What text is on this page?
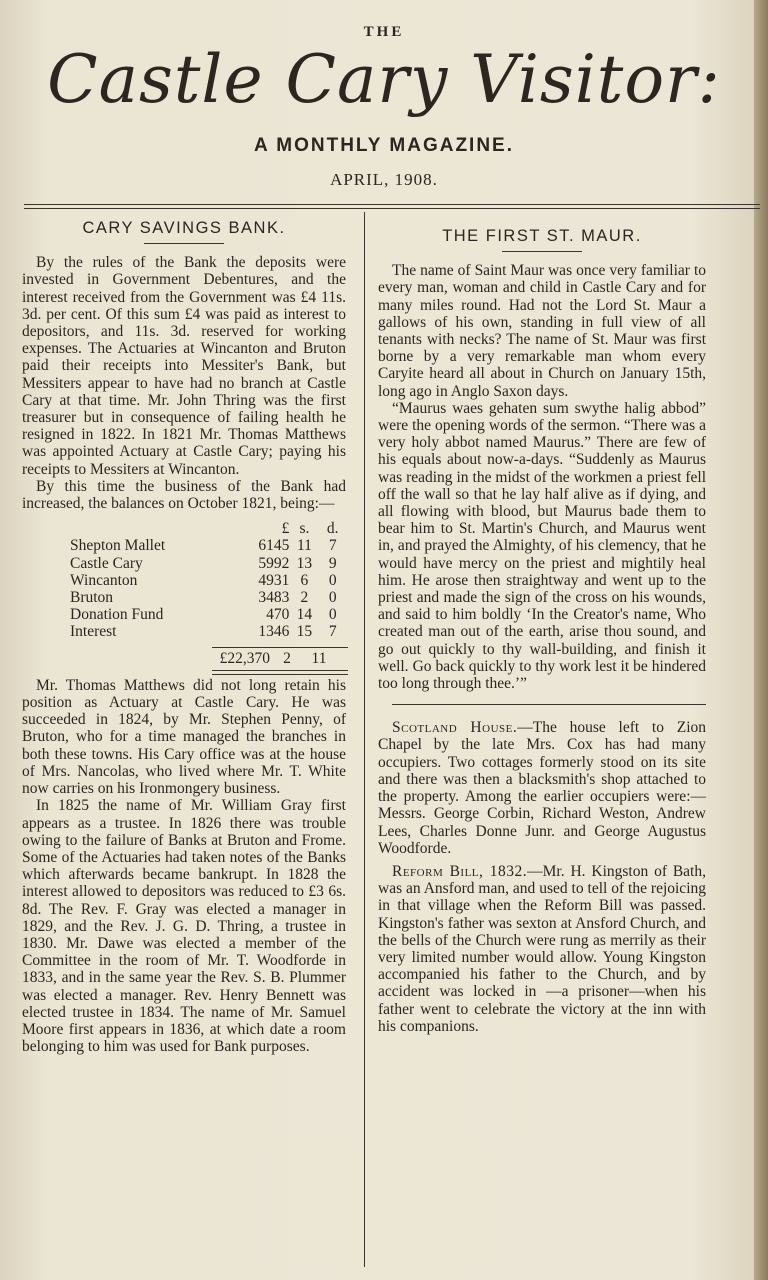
THE
Castle Cary Visitor:
A MONTHLY MAGAZINE.
APRIL, 1908.
CARY SAVINGS BANK.

By the rules of the Bank the deposits were invested in Government Debentures, and the interest received from the Government was £4 11s. 3d. per cent. Of this sum £4 was paid as interest to depositors, and 11s. 3d. reserved for working expenses. The Actuaries at Wincanton and Bruton paid their receipts into Messiter's Bank, but Messiters appear to have had no branch at Castle Cary at that time. Mr. John Thring was the first treasurer but in consequence of failing health he resigned in 1822. In 1821 Mr. Thomas Matthews was appointed Actuary at Castle Cary; paying his receipts to Messiters at Wincanton.

By this time the business of the Bank had increased, the balances on October 1821, being:—

£ s.	d.
Shepton Mallet	6145 11	7
Castle Cary	5992 13	9
Wincanton	4931 6	0
Bruton	3483 2	0
Donation Fund	470 14	0
Interest	1346 15	7
£22,370 2	11

Mr. Thomas Matthews did not long retain his position as Actuary at Castle Cary. He was succeeded in 1824, by Mr. Stephen Penny, of Bruton, who for a time managed the branches in both these towns. His Cary office was at the house of Mrs. Nancolas, who lived where Mr. T. White now carries on his Ironmongery business.

In 1825 the name of Mr. William Gray first appears as a trustee. In 1826 there was trouble owing to the failure of Banks at Bruton and Frome. Some of the Actuaries had taken notes of the Banks which afterwards became bankrupt. In 1828 the interest allowed to depositors was reduced to £3 6s. 8d. The Rev. F. Gray was elected a manager in 1829, and the Rev. J. G. D. Thring, a trustee in 1830. Mr. Dawe was elected a member of the Committee in the room of Mr. T. Woodforde in 1833, and in the same year the Rev. S. B. Plummer was elected a manager. Rev. Henry Bennett was elected trustee in 1834. The name of Mr. Samuel Moore first appears in 1836, at which date a room belonging to him was used for Bank purposes.

THE FIRST ST. MAUR.

The name of Saint Maur was once very familiar to every man, woman and child in Castle Cary and for many miles round. Had not the Lord St. Maur a gallows of his own, standing in full view of all tenants with necks? The name of St. Maur was first borne by a very remarkable man whom every Caryite heard all about in Church on January 15th, long ago in Anglo Saxon days.

“Maurus waes gehaten sum swythe halig abbod” were the opening words of the sermon. “There was a very holy abbot named Maurus.” There are few of his equals about now-a-days. “Suddenly as Maurus was reading in the midst of the workmen a priest fell off the wall so that he lay half alive as if dying, and all flowing with blood, but Maurus bade them to bear him to St. Martin's Church, and Maurus went in, and prayed the Almighty, of his clemency, that he would have mercy on the priest and mightily heal him. He arose then straightway and went up to the priest and made the sign of the cross on his wounds, and said to him boldly ‘In the Creator's name, Who created man out of the earth, arise thou sound, and go out quickly to thy wall-building, and finish it well. Go back quickly to thy work lest it be hindered too long through thee.’”

Scotland House.—The house left to Zion Chapel by the late Mrs. Cox has had many occupiers. Two cottages formerly stood on its site and there was then a blacksmith's shop attached to the property. Among the earlier occupiers were:—Messrs. George Corbin, Richard Weston, Andrew Lees, Charles Donne Junr. and George Augustus Woodforde.

Reform Bill, 1832.—Mr. H. Kingston of Bath, was an Ansford man, and used to tell of the rejoicing in that village when the Reform Bill was passed. Kingston's father was sexton at Ansford Church, and the bells of the Church were rung as merrily as their very limited number would allow. Young Kingston accompanied his father to the Church, and by accident was locked in —a prisoner—when his father went to celebrate the victory at the inn with his companions.
